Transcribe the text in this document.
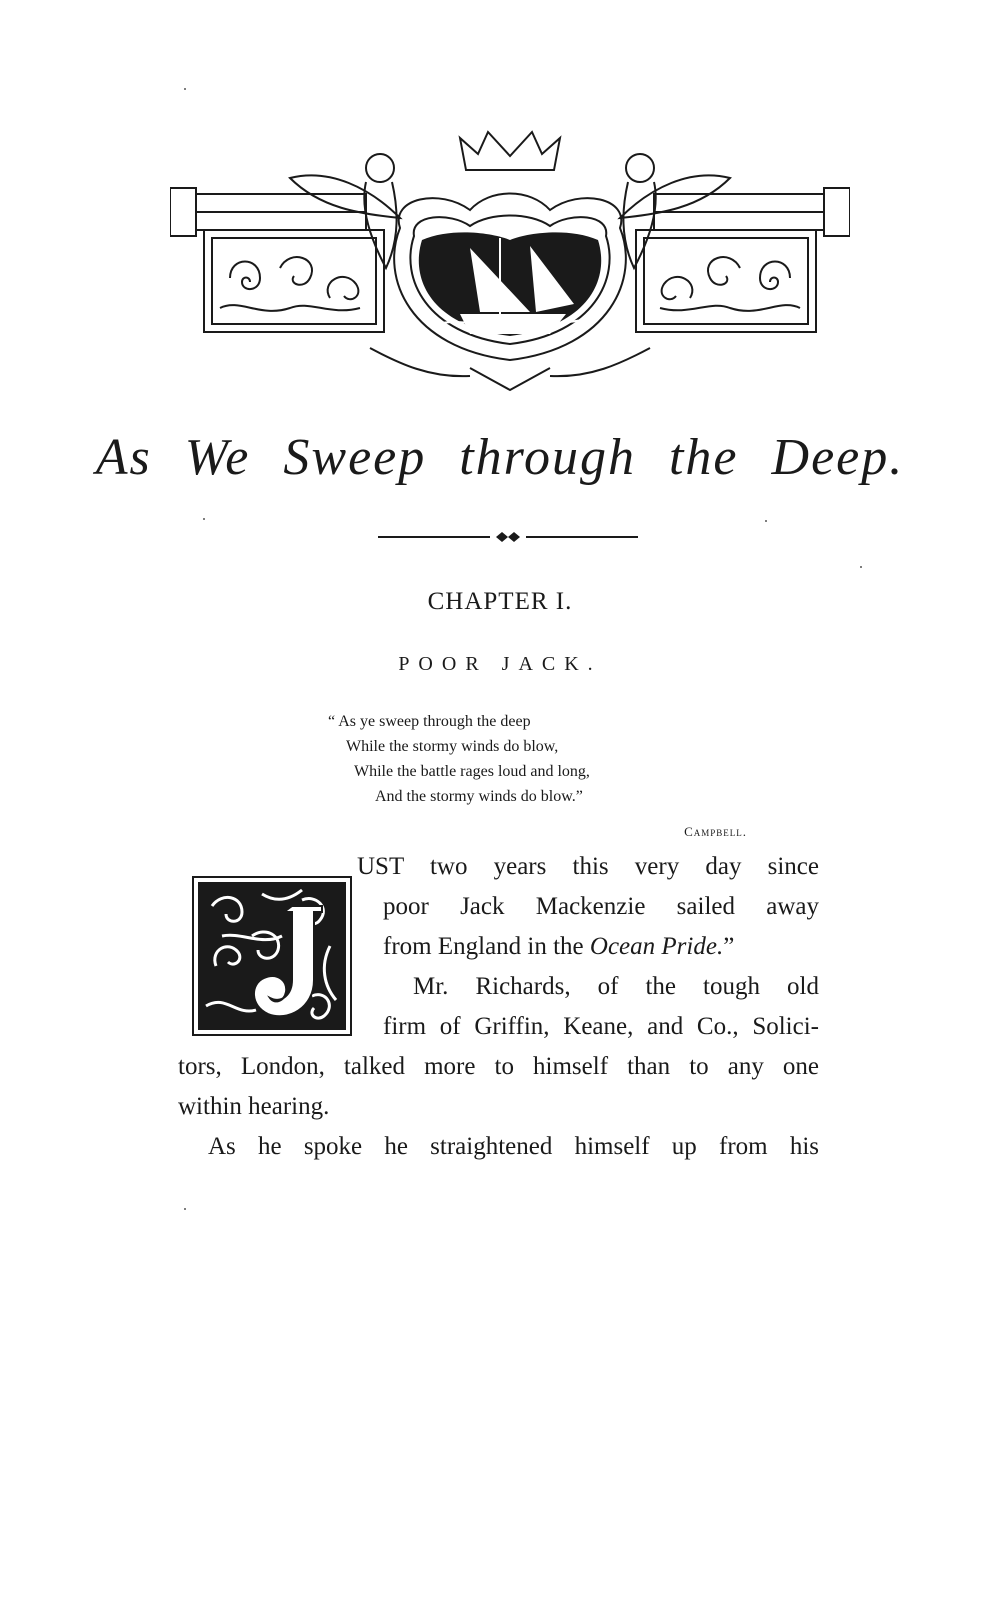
As We Sweep through the Deep.
CHAPTER I.
POOR JACK.
“ As ye sweep through the deep
While the stormy winds do blow,
While the battle rages loud and long,
And the stormy winds do blow.”
Campbell.
UST two years this very day since
poor Jack Mackenzie sailed away
from England in the Ocean Pride.”
Mr. Richards, of the tough old
firm of Griffin, Keane, and Co., Solici-
tors, London, talked more to himself than to any one
within hearing.
As he spoke he straightened himself up from his
